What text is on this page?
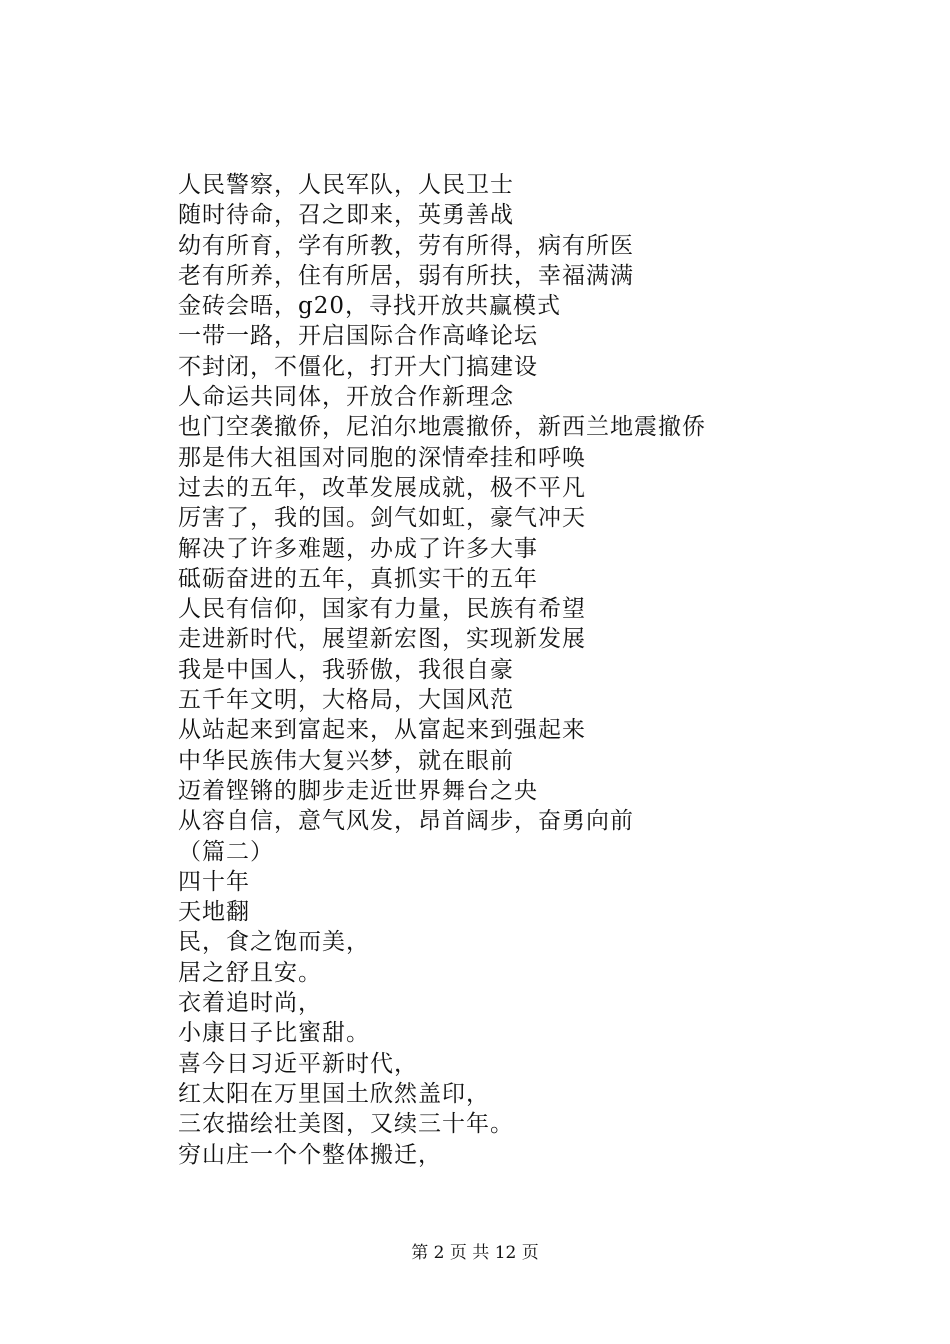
人民警察，人民军队，人民卫士
随时待命，召之即来，英勇善战
幼有所育，学有所教，劳有所得，病有所医
老有所养，住有所居，弱有所扶，幸福满满
金砖会晤，g20，寻找开放共赢模式
一带一路，开启国际合作高峰论坛
不封闭，不僵化，打开大门搞建设
人命运共同体，开放合作新理念
也门空袭撤侨，尼泊尔地震撤侨，新西兰地震撤侨
那是伟大祖国对同胞的深情牵挂和呼唤
过去的五年，改革发展成就，极不平凡
厉害了，我的国。剑气如虹，豪气冲天
解决了许多难题，办成了许多大事
砥砺奋进的五年，真抓实干的五年
人民有信仰，国家有力量，民族有希望
走进新时代，展望新宏图，实现新发展
我是中国人，我骄傲，我很自豪
五千年文明，大格局，大国风范
从站起来到富起来，从富起来到强起来
中华民族伟大复兴梦，就在眼前
迈着铿锵的脚步走近世界舞台之央
从容自信，意气风发，昂首阔步，奋勇向前
（篇二）
四十年
天地翻
民，食之饱而美，
居之舒且安。
衣着追时尚，
小康日子比蜜甜。
喜今日习近平新时代，
红太阳在万里国土欣然盖印，
三农描绘壮美图，又续三十年。
穷山庄一个个整体搬迁，
第 2 页 共 12 页
